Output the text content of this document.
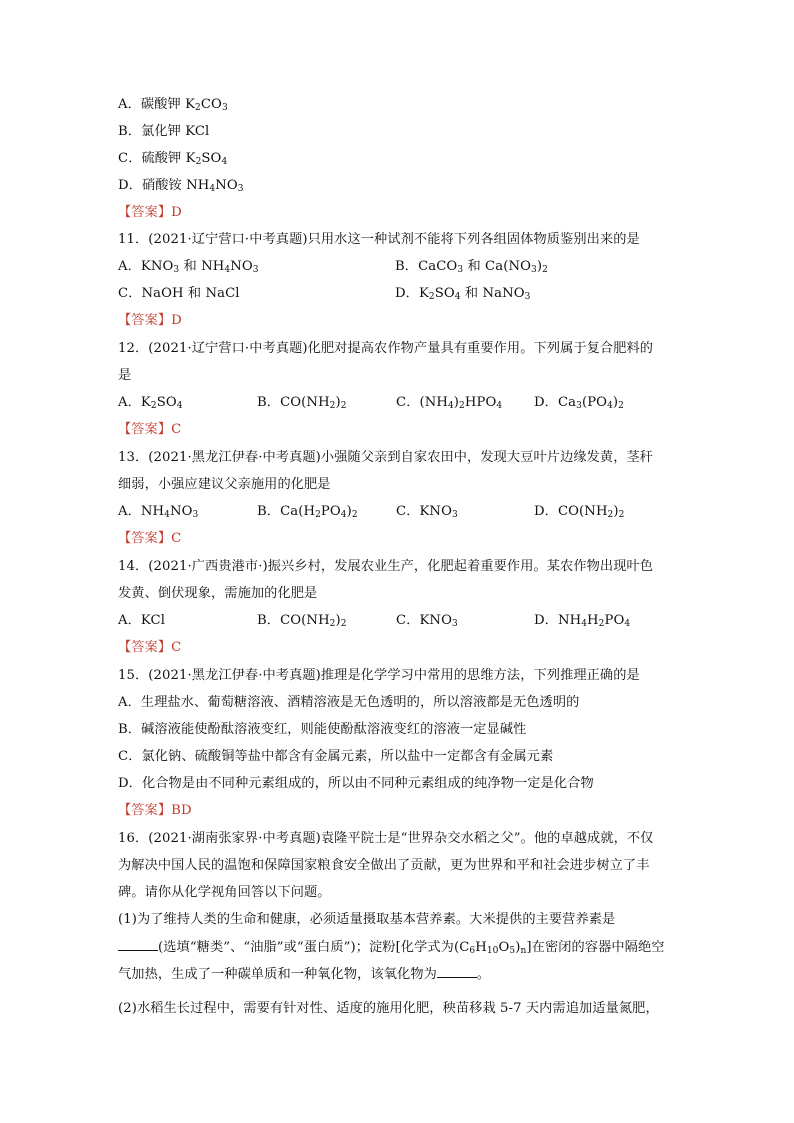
A．碳酸钾 $K_2CO_3$
B．氯化钾 KCl
C．硫酸钾 $K_2SO_4$
D．硝酸铵 $NH_4NO_3$
【答案】D
11．(2021·辽宁营口·中考真题)只用水这一种试剂不能将下列各组固体物质鉴别出来的是
A．$KNO_3$ 和 $NH_4NO_3$	B．CaCO$_3$ 和 $Ca(NO_3)_2$
C．NaOH 和 NaCl	D．$K_2SO_4$ 和 NaNO$_3$
【答案】D
12．(2021·辽宁营口·中考真题)化肥对提高农作物产量具有重要作用。下列属于复合肥料的
是
A．$K_2SO_4$	B．$CO(NH_2)_2$	C．$(NH_4)_2HPO_4$ D．$Ca_3(PO_4)_2$
【答案】C
13．(2021·黑龙江伊春·中考真题)小强随父亲到自家农田中，发现大豆叶片边缘发黄，茎秆
细弱，小强应建议父亲施用的化肥是
A．$NH_4NO_3$	B．$Ca(H_2PO_4)_2$	C．$KNO_3$	D．$CO(NH_2)_2$
【答案】C
14．(2021·广西贵港市·)振兴乡村，发展农业生产，化肥起着重要作用。某农作物出现叶色
发黄、倒伏现象，需施加的化肥是
A．KCl	B．$CO(NH_2)_2$	C．$KNO_3$	D．$NH_4H_2PO_4$
【答案】C
15．(2021·黑龙江伊春·中考真题)推理是化学学习中常用的思维方法，下列推理正确的是
A．生理盐水、葡萄糖溶液、酒精溶液是无色透明的，所以溶液都是无色透明的
B．碱溶液能使酚酞溶液变红，则能使酚酞溶液变红的溶液一定显碱性
C．氯化钠、硫酸铜等盐中都含有金属元素，所以盐中一定都含有金属元素
D．化合物是由不同种元素组成的，所以由不同种元素组成的纯净物一定是化合物
【答案】BD
16．(2021·湖南张家界·中考真题)袁隆平院士是“世界杂交水稻之父”。他的卓越成就，不仅
为解决中国人民的温饱和保障国家粮食安全做出了贡献，更为世界和平和社会进步树立了丰
碑。请你从化学视角回答以下问题。
(1)为了维持人类的生命和健康，必须适量摄取基本营养素。大米提供的主要营养素是
(选填“糖类”、“油脂”或“蛋白质”)；淀粉[化学式为$(C_6H_{10}O_5)_n$]在密闭的容器中隔绝空
气加热，生成了一种碳单质和一种氧化物，该氧化物为	。
(2)水稻生长过程中，需要有针对性、适度的施用化肥，秧苗移栽 5-7 天内需追加适量氮肥，
